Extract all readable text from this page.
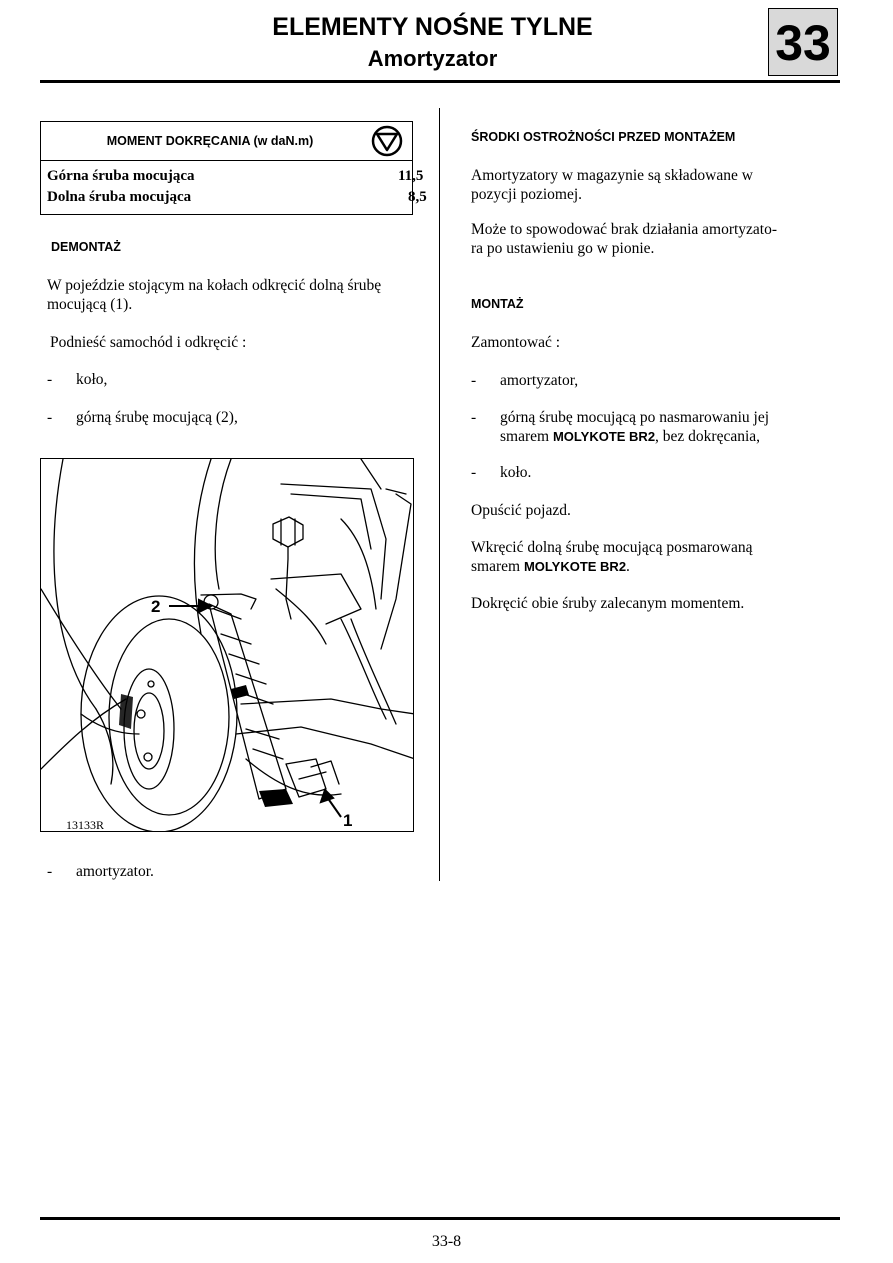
ELEMENTY NOŚNE TYLNE
Amortyzator	33
MOMENT DOKRĘCANIA (w daN.m)
Górna śruba mocująca	11,5
Dolna śruba mocująca	8,5
DEMONTAŻ
W pojeździe stojącym na kołach odkręcić dolną śrubę mocującą (1).
Podnieść samochód i odkręcić :
- koło,
- górną śrubę mocującą (2),
2
1
13133R
- amortyzator.
ŚRODKI OSTROŻNOŚCI PRZED MONTAŻEM
Amortyzatory w magazynie są składowane w
pozycji poziomej.
Może to spowodować brak działania amortyzato-
ra po ustawieniu go w pionie.
MONTAŻ
Zamontować :
- amortyzator,
- górną śrubę mocującą po nasmarowaniu jej
smarem MOLYKOTE BR2, bez dokręcania,
- koło.
Opuścić pojazd.
Wkręcić dolną śrubę mocującą posmarowaną
smarem MOLYKOTE BR2.
Dokręcić obie śruby zalecanym momentem.
33-8
